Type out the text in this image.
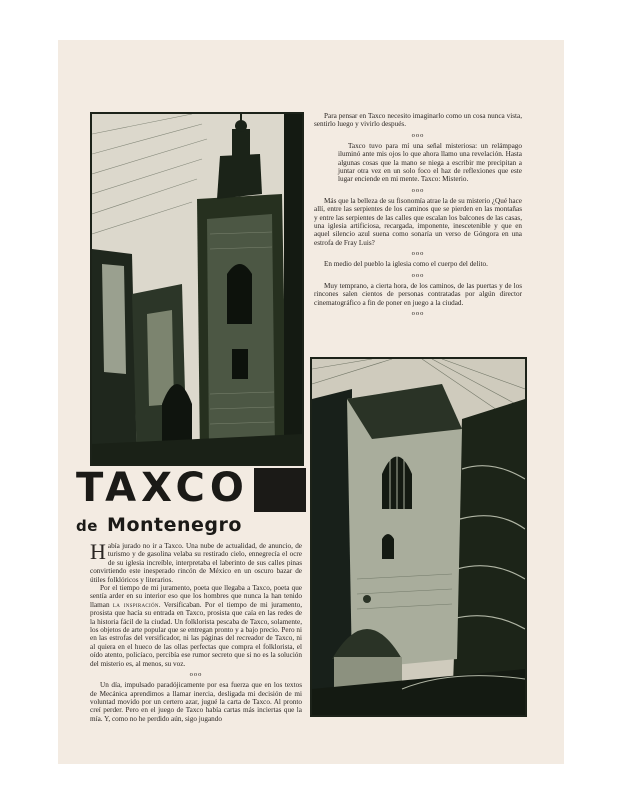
TAXCO
de Montenegro

Había jurado no ir a Taxco. Una nube de actualidad, de anuncio, de turismo y de gasolina velaba su restirado cielo, ennegrecía el ocre de su iglesia increíble, interpretaba el laberinto de sus calles pinas convirtiendo este inesperado rincón de México en un oscuro bazar de útiles folklóricos y literarios.

Por el tiempo de mi juramento, poeta que llegaba a Taxco, poeta que sentía arder en su interior eso que los hombres que nunca la han tenido llaman la inspiración. Versificaban. Por el tiempo de mi juramento, prosista que hacía su entrada en Taxco, prosista que caía en las redes de la historia fácil de la ciudad. Un folklorista pescaba de Taxco, solamente, los objetos de arte popular que se entregan pronto y a bajo precio. Pero ni en las estrofas del versificador, ni las páginas del recreador de Taxco, ni al quiera en el hueco de las ollas perfectas que compra el folklorista, el oído atento, policíaco, percibía ese rumor secreto que si no es la solución del misterio es, al menos, su voz.

ooo

Un día, impulsado paradójicamente por esa fuerza que en los textos de Mecánica aprendimos a llamar inercia, desligada mi decisión de mi voluntad movido por un certero azar, jugué la carta de Taxco. Al pronto creí perder. Pero en el juego de Taxco había cartas más inciertas que la mía. Y, como no he perdido aún, sigo jugando

Para pensar en Taxco necesito imaginarlo como un cosa nunca vista, sentirlo luego y vivirlo después.

ooo

Taxco tuvo para mí una señal misteriosa: un relámpago iluminó ante mis ojos lo que ahora llamo una revelación. Hasta algunas cosas que la mano se niega a escribir me precipitan a juntar otra vez en un solo foco el haz de reflexiones que este lugar enciende en mi mente. Taxco: Misterio.

ooo

Más que la belleza de su fisonomía atrae la de su misterio ¿Qué hace allí, entre las serpientes de los caminos que se pierden en las montañas y entre las serpientes de las calles que escalan los balcones de las casas, una iglesia artificiosa, recargada, imponente, inescetenible y que en aquel silencio azul suena como sonaría un verso de Góngora en una estrofa de Fray Luis?

ooo

En medio del pueblo la iglesia como el cuerpo del delito.

ooo

Muy temprano, a cierta hora, de los caminos, de las puertas y de los rincones salen cientos de personas contratadas por algún director cinematográfico a fin de poner en juego a la ciudad.

ooo
